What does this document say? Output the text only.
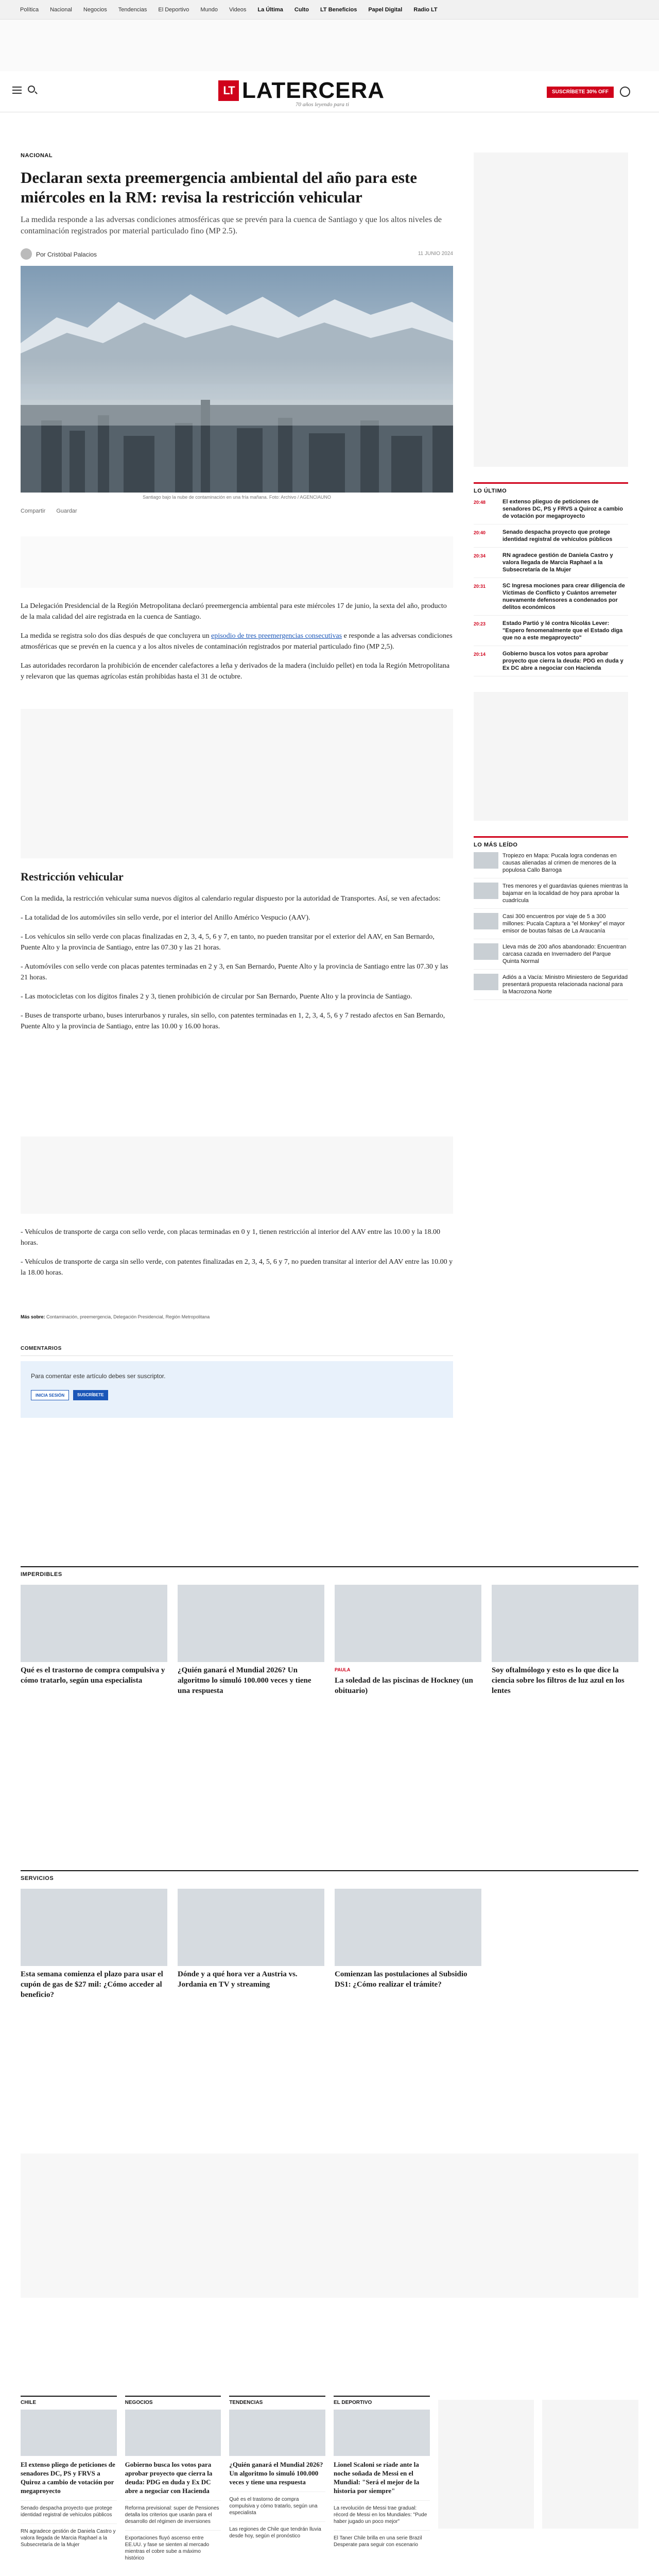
Política	Nacional	Negocios	Tendencias	El Deportivo	Mundo	Videos	La Última	Culto	LT Beneficios	Papel Digital	Radio LT
LT LATERCERA
70 años leyendo para ti
SUSCRÍBETE 30% OFF
NACIONAL
Declaran sexta preemergencia ambiental del año para este miércoles en la RM: revisa la restricción vehicular

La medida responde a las adversas condiciones atmosféricas que se prevén para la cuenca de Santiago y que los altos niveles de contaminación registrados por material particulado fino (MP 2.5).

Por Cristóbal Palacios	11 JUNIO 2024
Santiago bajo la nube de contaminación en una fría mañana. Foto: Archivo / AGENCIAUNO
Compartir Guardar

La Delegación Presidencial de la Región Metropolitana declaró preemergencia ambiental para este miércoles 17 de junio, la sexta del año, producto de la mala calidad del aire registrada en la cuenca de Santiago.

La medida se registra solo dos días después de que concluyera un episodio de tres preemergencias consecutivas e responde a las adversas condiciones atmosféricas que se prevén en la cuenca y a los altos niveles de contaminación registrados por material particulado fino (MP 2,5).

Las autoridades recordaron la prohibición de encender calefactores a leña y derivados de la madera (incluido pellet) en toda la Región Metropolitana y relevaron que las quemas agrícolas están prohibidas hasta el 31 de octubre.

Restricción vehicular

Con la medida, la restricción vehicular suma nuevos dígitos al calendario regular dispuesto por la autoridad de Transportes. Así, se ven afectados:

- La totalidad de los automóviles sin sello verde, por el interior del Anillo Américo Vespucio (AAV).

- Los vehículos sin sello verde con placas finalizadas en 2, 3, 4, 5, 6 y 7, en tanto, no pueden transitar por el exterior del AAV, en San Bernardo, Puente Alto y la provincia de Santiago, entre las 07.30 y las 21 horas.

- Automóviles con sello verde con placas patentes terminadas en 2 y 3, en San Bernardo, Puente Alto y la provincia de Santiago entre las 07.30 y las 21 horas.

- Las motocicletas con los dígitos finales 2 y 3, tienen prohibición de circular por San Bernardo, Puente Alto y la provincia de Santiago.

- Buses de transporte urbano, buses interurbanos y rurales, sin sello, con patentes terminadas en 1, 2, 3, 4, 5, 6 y 7 restado afectos en San Bernardo, Puente Alto y la provincia de Santiago, entre las 10.00 y 16.00 horas.

- Vehículos de transporte de carga con sello verde, con placas terminadas en 0 y 1, tienen restricción al interior del AAV entre las 10.00 y la 18.00 horas.

- Vehículos de transporte de carga sin sello verde, con patentes finalizadas en 2, 3, 4, 5, 6 y 7, no pueden transitar al interior del AAV entre las 10.00 y la 18.00 horas.

Más sobre: Contaminación, preemergencia, Delegación Presidencial, Región Metropolitana
COMENTARIOS

Para comentar este artículo debes ser suscriptor.

INICIA SESIÓN	SUSCRÍBETE
LO ÚLTIMO
20:48	El extenso plieguo de peticiones de senadores DC, PS y FRVS a Quiroz a cambio de votación por megaproyecto
20:40	Senado despacha proyecto que protege identidad registral de vehículos públicos
20:34	RN agradece gestión de Daniela Castro y valora llegada de Marcia Raphael a la Subsecretaría de la Mujer
20:31	SC Ingresa mociones para crear diligencia de Víctimas de Conflicto y Cuántos arremeter nuevamente defensores a condenados por delitos económicos
20:23	Estado Partió y lé contra Nicolás Lever: "Espero fenomenalmente que el Estado diga que no a este megaproyecto"
20:14	Gobierno busca los votos para aprobar proyecto que cierra la deuda: PDG en duda y Ex DC abre a negociar con Hacienda
LO MÁS LEÍDO
Tropiezo en Mapa: Pucala logra condenas en causas alienadas al crimen de menores de la populosa Callo Barroga
Tres menores y el guardavías quienes mientras la bajamar en la localidad de hoy para aprobar la cuadrícula
Casi 300 encuentros por viaje de 5 a 300 millones: Pucala Captura a "el Monkey" el mayor emisor de boutas falsas de La Araucanía
Lleva más de 200 años abandonado: Encuentran carcasa cazada en Invernadero del Parque Quinta Normal
Adiós a a Vacía: Ministro Miniestero de Seguridad presentará propuesta relacionada nacional para la Macrozona Norte
IMPERDIBLES
Qué es el trastorno de compra compulsiva y cómo tratarlo, según una especialista
¿Quién ganará el Mundial 2026? Un algoritmo lo simuló 100.000 veces y tiene una respuesta
PAULA
La soledad de las piscinas de Hockney (un obituario)
Soy oftalmólogo y esto es lo que dice la ciencia sobre los filtros de luz azul en los lentes
SERVICIOS
Esta semana comienza el plazo para usar el cupón de gas de $27 mil: ¿Cómo acceder al beneficio?
Dónde y a qué hora ver a Austria vs. Jordania en TV y streaming
Comienzan las postulaciones al Subsidio DS1: ¿Cómo realizar el trámite?
CHILE
El extenso pliego de peticiones de senadores DC, PS y FRVS a Quiroz a cambio de votación por megaproyecto
Senado despacha proyecto que protege identidad registral de vehículos públicos
RN agradece gestión de Daniela Castro y valora llegada de Marcia Raphael a la Subsecretaría de la Mujer
NEGOCIOS
Gobierno busca los votos para aprobar proyecto que cierra la deuda: PDG en duda y Ex DC abre a negociar con Hacienda
Reforma previsional: super de Pensiones detalla los criterios que usarán para el desarrollo del régimen de inversiones
Exportaciones fluyó ascenso entre EE.UU. y fase se sienten al mercado mientras el cobre sube a máximo histórico
TENDENCIAS
¿Quién ganará el Mundial 2026? Un algoritmo lo simuló 100.000 veces y tiene una respuesta
Qué es el trastorno de compra compulsiva y cómo tratarlo, según una especialista
Las regiones de Chile que tendrán lluvia desde hoy, según el pronóstico
EL DEPORTIVO
Lionel Scaloni se ríade ante la noche soñada de Messi en el Mundial: "Será el mejor de la historia por siempre"
La revolución de Messi trae gradual: récord de Messi en los Mundiales: "Pude haber jugado un poco mejor"
El Taner Chile brilla en una serie Brazil Desperate para seguir con escenario
